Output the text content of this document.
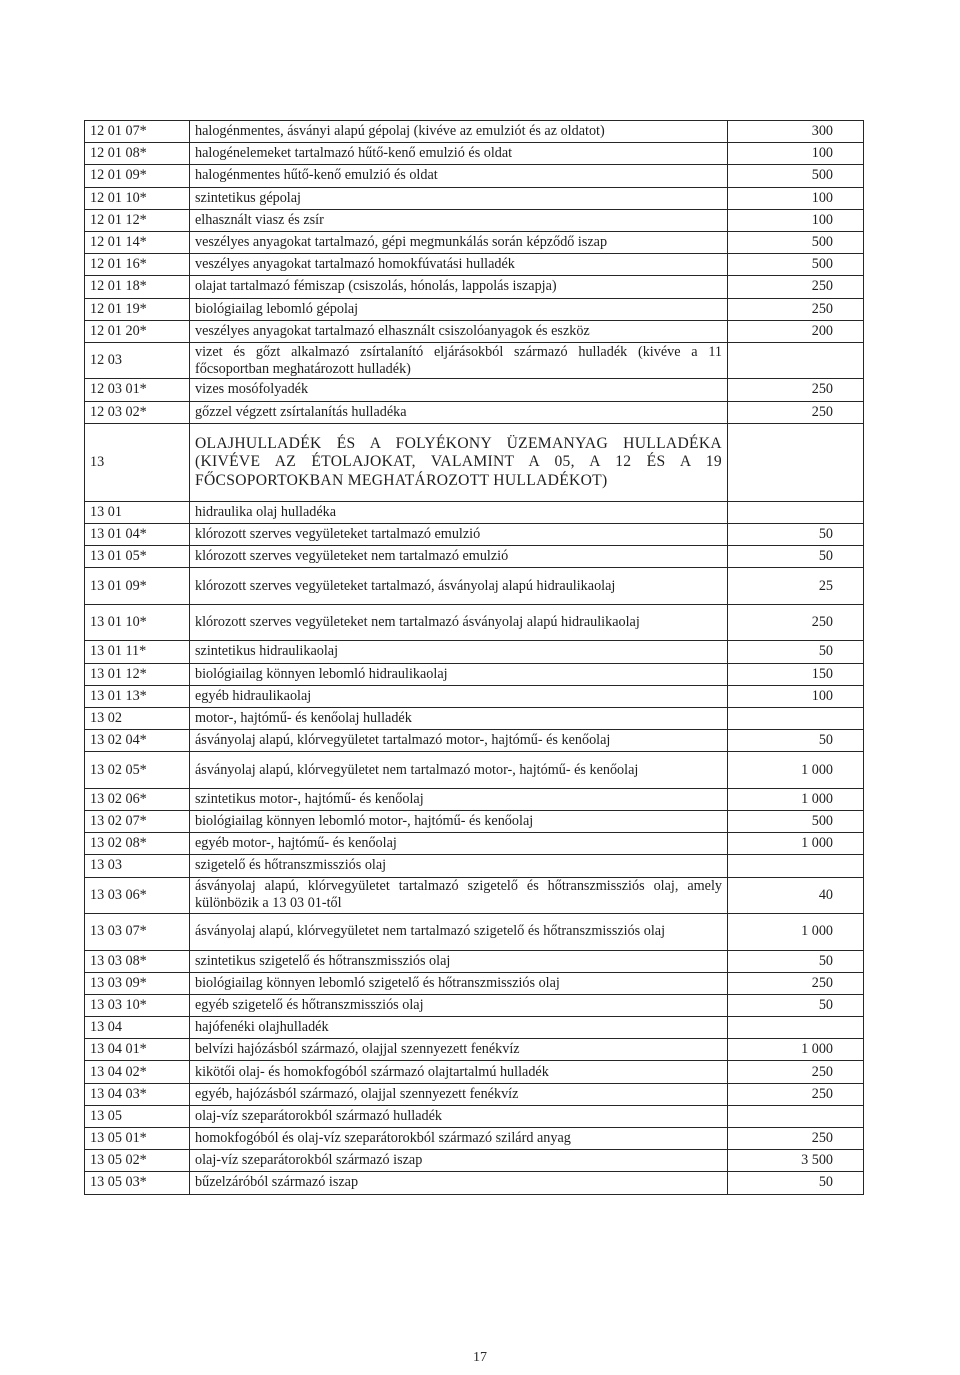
12 01 07*	halogénmentes, ásványi alapú gépolaj (kivéve az emulziót és az oldatot)	300
12 01 08*	halogénelemeket tartalmazó hűtő-kenő emulzió és oldat	100
12 01 09*	halogénmentes hűtő-kenő emulzió és oldat	500
12 01 10*	szintetikus gépolaj	100
12 01 12*	elhasznált viasz és zsír	100
12 01 14*	veszélyes anyagokat tartalmazó, gépi megmunkálás során képződő iszap	500
12 01 16*	veszélyes anyagokat tartalmazó homokfúvatási hulladék	500
12 01 18*	olajat tartalmazó fémiszap (csiszolás, hónolás, lappolás iszapja)	250
12 01 19*	biológiailag lebomló gépolaj	250
12 01 20*	veszélyes anyagokat tartalmazó elhasznált csiszolóanyagok és eszköz	200
12 03	vizet és gőzt alkalmazó zsírtalanító eljárásokból származó hulladék (kivéve a 11 főcsoportban meghatározott hulladék)	
12 03 01*	vizes mosófolyadék	250
12 03 02*	gőzzel végzett zsírtalanítás hulladéka	250
13	OLAJHULLADÉK ÉS A FOLYÉKONY ÜZEMANYAG HULLADÉKA (KIVÉVE AZ ÉTOLAJOKAT, VALAMINT A 05, A 12 ÉS A 19 FŐCSOPORTOKBAN MEGHATÁROZOTT HULLADÉKOT)	
13 01	hidraulika olaj hulladéka	
13 01 04*	klórozott szerves vegyületeket tartalmazó emulzió	50
13 01 05*	klórozott szerves vegyületeket nem tartalmazó emulzió	50
13 01 09*	klórozott szerves vegyületeket tartalmazó, ásványolaj alapú hidraulikaolaj	25
13 01 10*	klórozott szerves vegyületeket nem tartalmazó ásványolaj alapú hidraulikaolaj	250
13 01 11*	szintetikus hidraulikaolaj	50
13 01 12*	biológiailag könnyen lebomló hidraulikaolaj	150
13 01 13*	egyéb hidraulikaolaj	100
13 02	motor-, hajtómű- és kenőolaj hulladék	
13 02 04*	ásványolaj alapú, klórvegyületet tartalmazó motor-, hajtómű- és kenőolaj	50
13 02 05*	ásványolaj alapú, klórvegyületet nem tartalmazó motor-, hajtómű- és kenőolaj	1 000
13 02 06*	szintetikus motor-, hajtómű- és kenőolaj	1 000
13 02 07*	biológiailag könnyen lebomló motor-, hajtómű- és kenőolaj	500
13 02 08*	egyéb motor-, hajtómű- és kenőolaj	1 000
13 03	szigetelő és hőtranszmissziós olaj	
13 03 06*	ásványolaj alapú, klórvegyületet tartalmazó szigetelő és hőtranszmissziós olaj, amely különbözik a 13 03 01-től	40
13 03 07*	ásványolaj alapú, klórvegyületet nem tartalmazó szigetelő és hőtranszmissziós olaj	1 000
13 03 08*	szintetikus szigetelő és hőtranszmissziós olaj	50
13 03 09*	biológiailag könnyen lebomló szigetelő és hőtranszmissziós olaj	250
13 03 10*	egyéb szigetelő és hőtranszmissziós olaj	50
13 04	hajófenéki olajhulladék	
13 04 01*	belvízi hajózásból származó, olajjal szennyezett fenékvíz	1 000
13 04 02*	kikötői olaj- és homokfogóból származó olajtartalmú hulladék	250
13 04 03*	egyéb, hajózásból származó, olajjal szennyezett fenékvíz	250
13 05	olaj-víz szeparátorokból származó hulladék	
13 05 01*	homokfogóból és olaj-víz szeparátorokból származó szilárd anyag	250
13 05 02*	olaj-víz szeparátorokból származó iszap	3 500
13 05 03*	bűzelzáróból származó iszap	50
17
